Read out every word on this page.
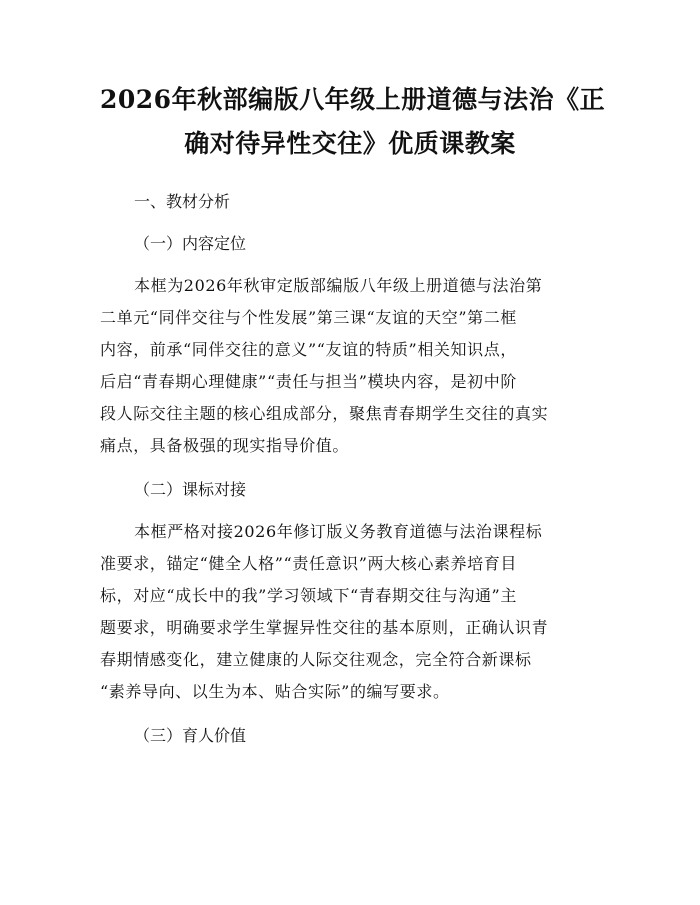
2026年秋部编版八年级上册道德与法治《正
确对待异性交往》优质课教案
一、教材分析
（一）内容定位
本框为2026年秋审定版部编版八年级上册道德与法治第
二单元“同伴交往与个性发展”第三课“友谊的天空”第二框
内容，前承“同伴交往的意义”“友谊的特质”相关知识点，
后启“青春期心理健康”“责任与担当”模块内容，是初中阶
段人际交往主题的核心组成部分，聚焦青春期学生交往的真实
痛点，具备极强的现实指导价值。
（二）课标对接
本框严格对接2026年修订版义务教育道德与法治课程标
准要求，锚定“健全人格”“责任意识”两大核心素养培育目
标，对应“成长中的我”学习领域下“青春期交往与沟通”主
题要求，明确要求学生掌握异性交往的基本原则，正确认识青
春期情感变化，建立健康的人际交往观念，完全符合新课标
“素养导向、以生为本、贴合实际”的编写要求。
（三）育人价值
